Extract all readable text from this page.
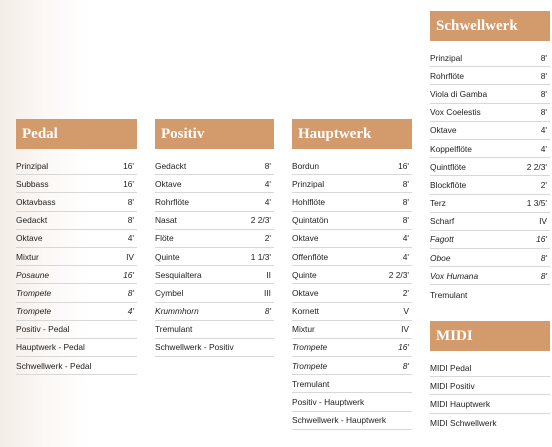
Pedal
Prinzipal	16'
Subbass	16'
Oktavbass	8'
Gedackt	8'
Oktave	4'
Mixtur	IV
Posaune	16'
Trompete	8'
Trompete	4'
Positiv - Pedal
Hauptwerk - Pedal
Schwellwerk - Pedal
Positiv
Gedackt	8'
Oktave	4'
Rohrflöte	4'
Nasat	2 2/3'
Flöte	2'
Quinte	1 1/3'
Sesquialtera	II
Cymbel	III
Krummhorn	8'
Tremulant
Schwellwerk - Positiv
Hauptwerk
Bordun	16'
Prinzipal	8'
Hohlflöte	8'
Quintatön	8'
Oktave	4'
Offenflöte	4'
Quinte	2 2/3'
Oktave	2'
Kornett	V
Mixtur	IV
Trompete	16'
Trompete	8'
Tremulant
Positiv - Hauptwerk
Schwellwerk - Hauptwerk
Schwellwerk
Prinzipal	8'
Rohrflöte	8'
Viola di Gamba	8'
Vox Coelestis	8'
Oktave	4'
Koppelflöte	4'
Quintflöte	2 2/3'
Blockflöte	2'
Terz	1 3/5'
Scharf	IV
Fagott	16'
Oboe	8'
Vox Humana	8'
Tremulant
MIDI
MIDI Pedal
MIDI Positiv
MIDI Hauptwerk
MIDI Schwellwerk
